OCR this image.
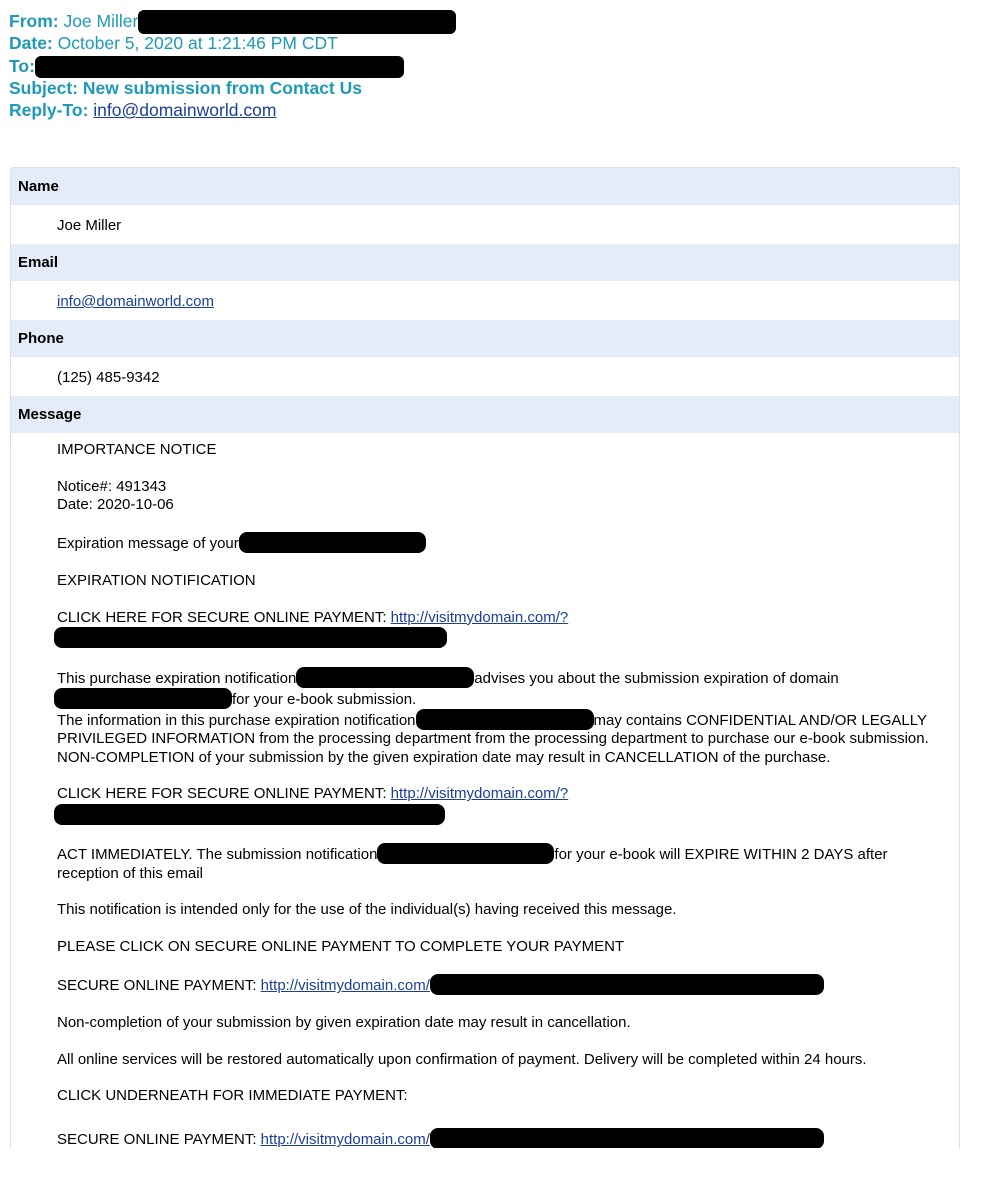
From: Joe Miller
Date: October 5, 2020 at 1:21:46 PM CDT
To:
Subject: New submission from Contact Us
Reply-To: info@domainworld.com
Name
Joe Miller
Email
info@domainworld.com
Phone
(125) 485-9342
Message

IMPORTANCE NOTICE

Notice#: 491343
Date: 2020-10-06

Expiration message of your

EXPIRATION NOTIFICATION

CLICK HERE FOR SECURE ONLINE PAYMENT: http://visitmydomain.com/?

This purchase expiration notification	advises you about the submission expiration of domain
for your e-book submission.
The information in this purchase expiration notification	may contains CONFIDENTIAL AND/OR LEGALLY PRIVILEGED INFORMATION from the processing department from the processing department to purchase our e-book submission. NON-COMPLETION of your submission by the given expiration date may result in CANCELLATION of the purchase.

CLICK HERE FOR SECURE ONLINE PAYMENT: http://visitmydomain.com/?

ACT IMMEDIATELY. The submission notification	for your e-book will EXPIRE WITHIN 2 DAYS after reception of this email

This notification is intended only for the use of the individual(s) having received this message.

PLEASE CLICK ON SECURE ONLINE PAYMENT TO COMPLETE YOUR PAYMENT

SECURE ONLINE PAYMENT: http://visitmydomain.com/

Non-completion of your submission by given expiration date may result in cancellation.

All online services will be restored automatically upon confirmation of payment. Delivery will be completed within 24 hours.

CLICK UNDERNEATH FOR IMMEDIATE PAYMENT:

SECURE ONLINE PAYMENT: http://visitmydomain.com/
